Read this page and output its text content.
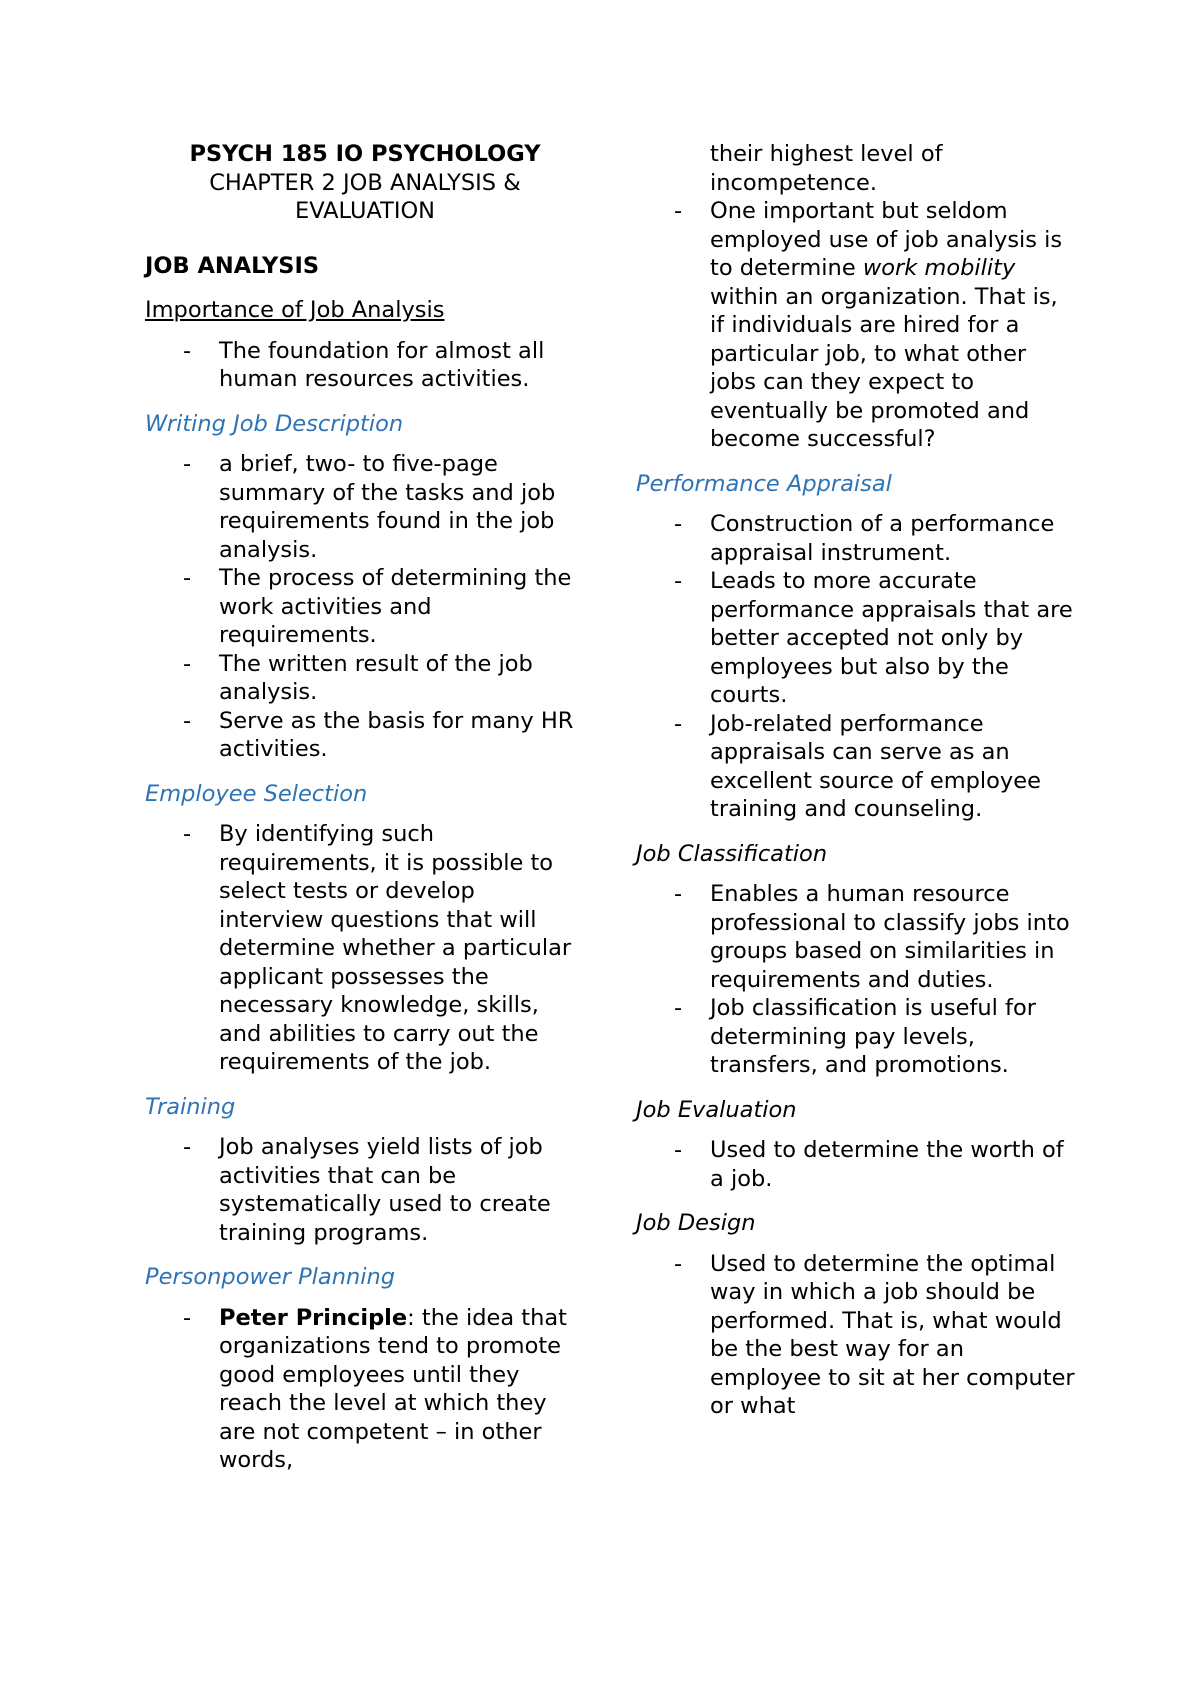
PSYCH 185 IO PSYCHOLOGY

CHAPTER 2 JOB ANALYSIS &

EVALUATION

JOB ANALYSIS

Importance of Job Analysis

- The foundation for almost all human resources activities.

Writing Job Description

- a brief, two- to five-page summary of the tasks and job requirements found in the job analysis.
- The process of determining the work activities and requirements.
- The written result of the job analysis.
- Serve as the basis for many HR activities.

Employee Selection

- By identifying such requirements, it is possible to select tests or develop interview questions that will determine whether a particular applicant possesses the necessary knowledge, skills, and abilities to carry out the requirements of the job.

Training

- Job analyses yield lists of job activities that can be systematically used to create training programs.

Personpower Planning

- Peter Principle: the idea that organizations tend to promote good employees until they reach the level at which they are not competent – in other words,
their highest level of incompetence.
- One important but seldom employed use of job analysis is to determine work mobility within an organization. That is, if individuals are hired for a particular job, to what other jobs can they expect to eventually be promoted and become successful?

Performance Appraisal

- Construction of a performance appraisal instrument.
- Leads to more accurate performance appraisals that are better accepted not only by employees but also by the courts.
- Job-related performance appraisals can serve as an excellent source of employee training and counseling.

Job Classification

- Enables a human resource professional to classify jobs into groups based on similarities in requirements and duties.
- Job classification is useful for determining pay levels, transfers, and promotions.

Job Evaluation

- Used to determine the worth of a job.

Job Design

- Used to determine the optimal way in which a job should be performed. That is, what would be the best way for an employee to sit at her computer or what
